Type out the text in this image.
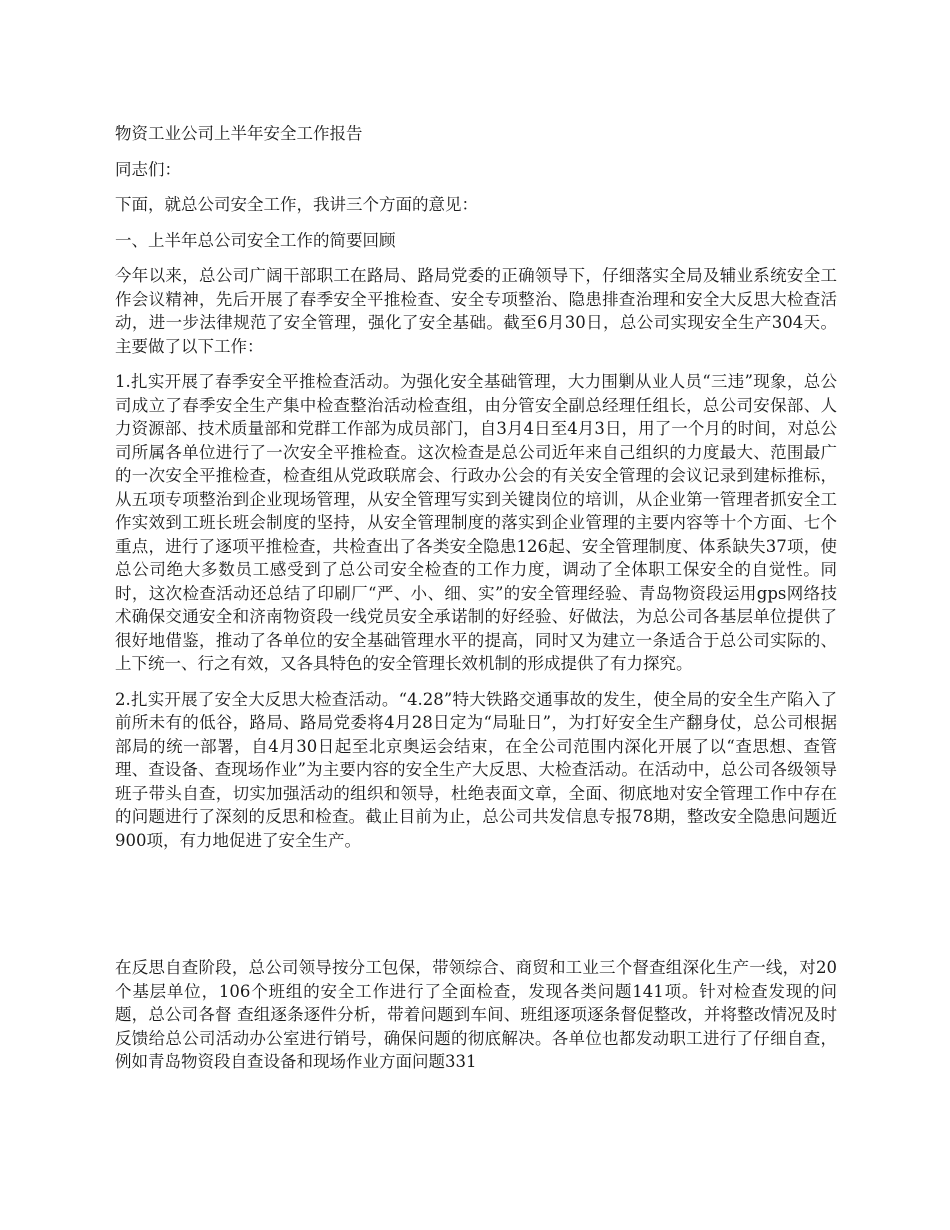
物资工业公司上半年安全工作报告

同志们：

下面，就总公司安全工作，我讲三个方面的意见：

一、上半年总公司安全工作的简要回顾

今年以来，总公司广阔干部职工在路局、路局党委的正确领导下，仔细落实全局及辅业系统安全工作会议精神，先后开展了春季安全平推检查、安全专项整治、隐患排查治理和安全大反思大检查活动，进一步法律规范了安全管理，强化了安全基础。截至6月30日，总公司实现安全生产304天。主要做了以下工作：

1.扎实开展了春季安全平推检查活动。为强化安全基础管理，大力围剿从业人员“三违”现象，总公司成立了春季安全生产集中检查整治活动检查组，由分管安全副总经理任组长，总公司安保部、人力资源部、技术质量部和党群工作部为成员部门，自3月4日至4月3日，用了一个月的时间，对总公司所属各单位进行了一次安全平推检查。这次检查是总公司近年来自己组织的力度最大、范围最广的一次安全平推检查，检查组从党政联席会、行政办公会的有关安全管理的会议记录到建标推标，从五项专项整治到企业现场管理，从安全管理写实到关键岗位的培训，从企业第一管理者抓安全工作实效到工班长班会制度的坚持，从安全管理制度的落实到企业管理的主要内容等十个方面、七个重点，进行了逐项平推检查，共检查出了各类安全隐患126起、安全管理制度、体系缺失37项，使总公司绝大多数员工感受到了总公司安全检查的工作力度，调动了全体职工保安全的自觉性。同时，这次检查活动还总结了印刷厂“严、小、细、实”的安全管理经验、青岛物资段运用gps网络技术确保交通安全和济南物资段一线党员安全承诺制的好经验、好做法，为总公司各基层单位提供了很好地借鉴，推动了各单位的安全基础管理水平的提高，同时又为建立一条适合于总公司实际的、上下统一、行之有效，又各具特色的安全管理长效机制的形成提供了有力探究。

2.扎实开展了安全大反思大检查活动。“4.28”特大铁路交通事故的发生，使全局的安全生产陷入了前所未有的低谷，路局、路局党委将4月28日定为“局耻日”，为打好安全生产翻身仗，总公司根据部局的统一部署，自4月30日起至北京奥运会结束，在全公司范围内深化开展了以“查思想、查管理、查设备、查现场作业”为主要内容的安全生产大反思、大检查活动。在活动中，总公司各级领导班子带头自查，切实加强活动的组织和领导，杜绝表面文章，全面、彻底地对安全管理工作中存在的问题进行了深刻的反思和检查。截止目前为止，总公司共发信息专报78期，整改安全隐患问题近900项，有力地促进了安全生产。

在反思自查阶段，总公司领导按分工包保，带领综合、商贸和工业三个督查组深化生产一线，对20个基层单位，106个班组的安全工作进行了全面检查，发现各类问题141项。针对检查发现的问题，总公司各督 查组逐条逐件分析，带着问题到车间、班组逐项逐条督促整改，并将整改情况及时反馈给总公司活动办公室进行销号，确保问题的彻底解决。各单位也都发动职工进行了仔细自查，例如青岛物资段自查设备和现场作业方面问题331
